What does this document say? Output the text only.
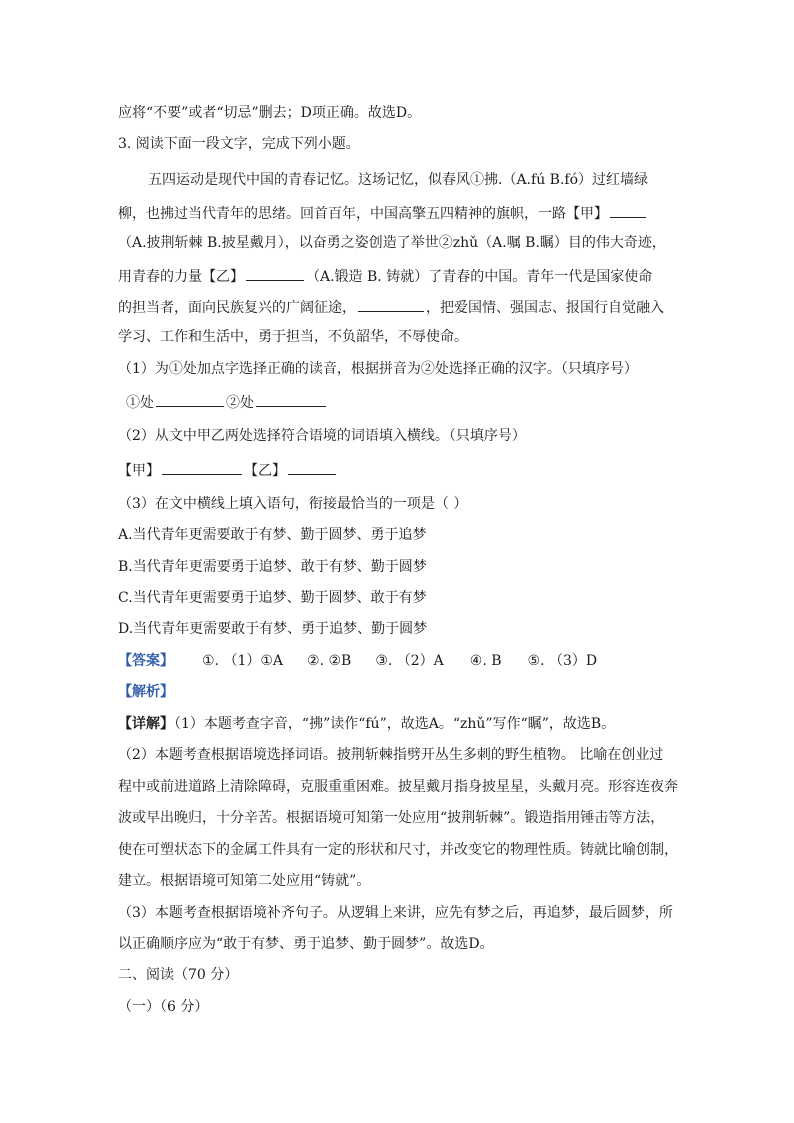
应将“不要”或者“切忌”删去；D项正确。故选D。
3. 阅读下面一段文字，完成下列小题。
五四运动是现代中国的青春记忆。这场记忆，似春风①拂.（A.fú B.fó）过红墙绿
柳，也拂过当代青年的思绪。回首百年，中国高擎五四精神的旗帜，一路【甲】
（A.披荆斩棘 B.披星戴月），以奋勇之姿创造了举世②zhǔ（A.嘱 B.瞩）目的伟大奇迹，
用青春的力量【乙】	（A.锻造 B. 铸就）了青春的中国。青年一代是国家使命
的担当者，面向民族复兴的广阔征途，	，把爱国情、强国志、报国行自觉融入
学习、工作和生活中，勇于担当，不负韶华，不辱使命。
（1）为①处加点字选择正确的读音，根据拼音为②处选择正确的汉字。（只填序号）
①处	②处
（2）从文中甲乙两处选择符合语境的词语填入横线。（只填序号）
【甲】	【乙】
（3）在文中横线上填入语句，衔接最恰当的一项是（ ）
A.当代青年更需要敢于有梦、勤于圆梦、勇于追梦
B.当代青年更需要勇于追梦、敢于有梦、勤于圆梦
C.当代青年更需要勇于追梦、勤于圆梦、敢于有梦
D.当代青年更需要敢于有梦、勇于追梦、勤于圆梦
【答案】 ①. （1）①A ②. ②B ③. （2）A ④. B ⑤. （3）D
【解析】
【详解】（1）本题考查字音，“拂”读作“fú”，故选A。“zhǔ”写作“瞩”，故选B。
（2）本题考查根据语境选择词语。披荆斩棘指劈开丛生多刺的野生植物。 比喻在创业过
程中或前进道路上清除障碍，克服重重困难。披星戴月指身披星星，头戴月亮。形容连夜奔
波或早出晚归，十分辛苦。根据语境可知第一处应用“披荆斩棘”。锻造指用锤击等方法，
使在可塑状态下的金属工件具有一定的形状和尺寸，并改变它的物理性质。铸就比喻创制，
建立。根据语境可知第二处应用“铸就”。
（3）本题考查根据语境补齐句子。从逻辑上来讲，应先有梦之后，再追梦，最后圆梦，所
以正确顺序应为“敢于有梦、勇于追梦、勤于圆梦”。故选D。
二、阅读（70 分）
（一）（6 分）
